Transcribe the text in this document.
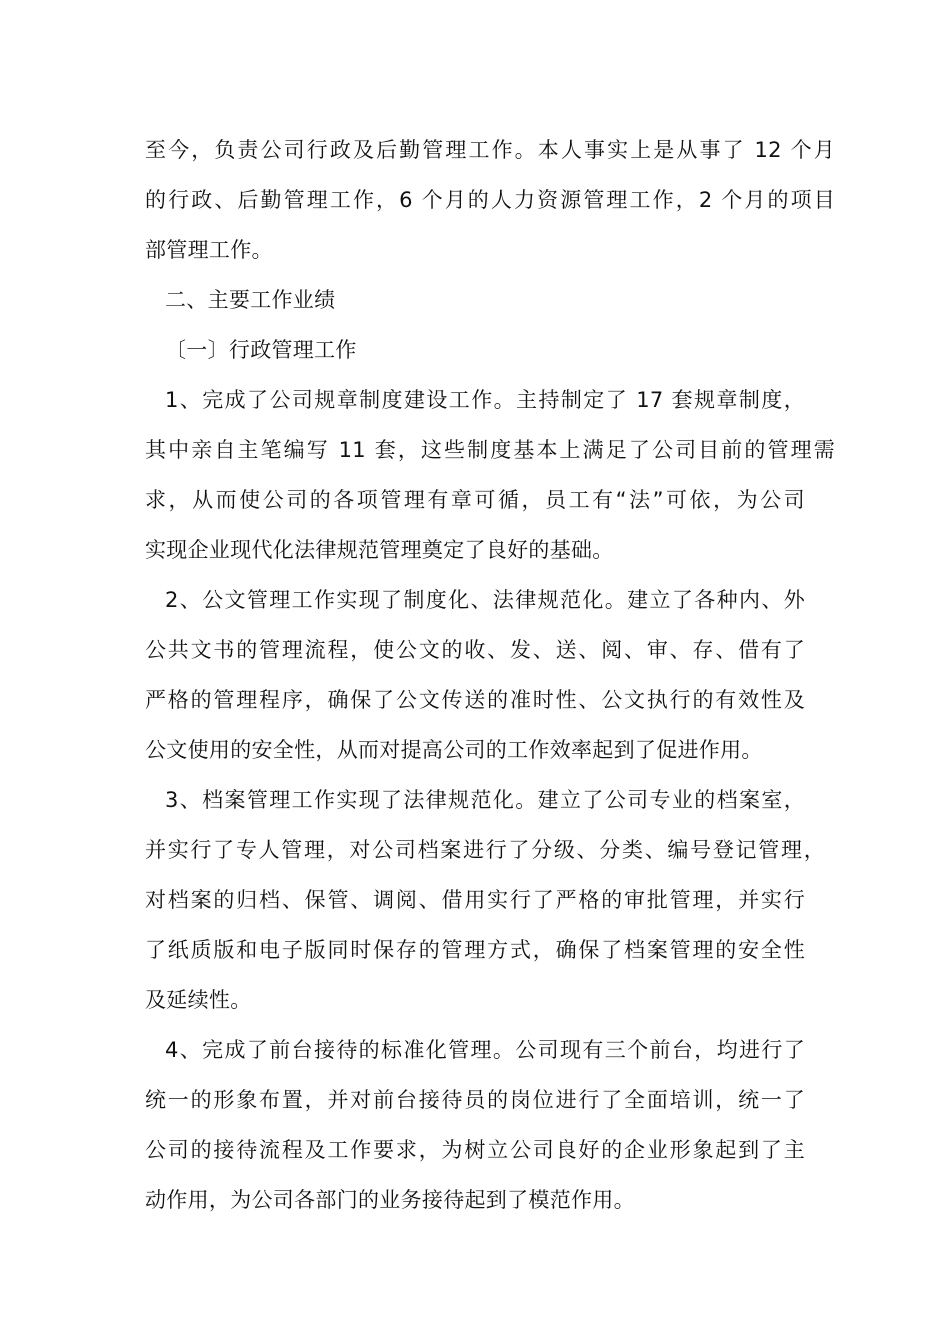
至今，负责公司行政及后勤管理工作。本人事实上是从事了 12 个月
的行政、后勤管理工作，6 个月的人力资源管理工作，2 个月的项目
部管理工作。
二、主要工作业绩
〔一〕行政管理工作
1、完成了公司规章制度建设工作。主持制定了 17 套规章制度，
其中亲自主笔编写 11 套，这些制度基本上满足了公司目前的管理需
求，从而使公司的各项管理有章可循，员工有“法”可依，为公司
实现企业现代化法律规范管理奠定了良好的基础。
2、公文管理工作实现了制度化、法律规范化。建立了各种内、外
公共文书的管理流程，使公文的收、发、送、阅、审、存、借有了
严格的管理程序，确保了公文传送的准时性、公文执行的有效性及
公文使用的安全性，从而对提高公司的工作效率起到了促进作用。
3、档案管理工作实现了法律规范化。建立了公司专业的档案室，
并实行了专人管理，对公司档案进行了分级、分类、编号登记管理，
对档案的归档、保管、调阅、借用实行了严格的审批管理，并实行
了纸质版和电子版同时保存的管理方式，确保了档案管理的安全性
及延续性。
4、完成了前台接待的标准化管理。公司现有三个前台，均进行了
统一的形象布置，并对前台接待员的岗位进行了全面培训，统一了
公司的接待流程及工作要求，为树立公司良好的企业形象起到了主
动作用，为公司各部门的业务接待起到了模范作用。
